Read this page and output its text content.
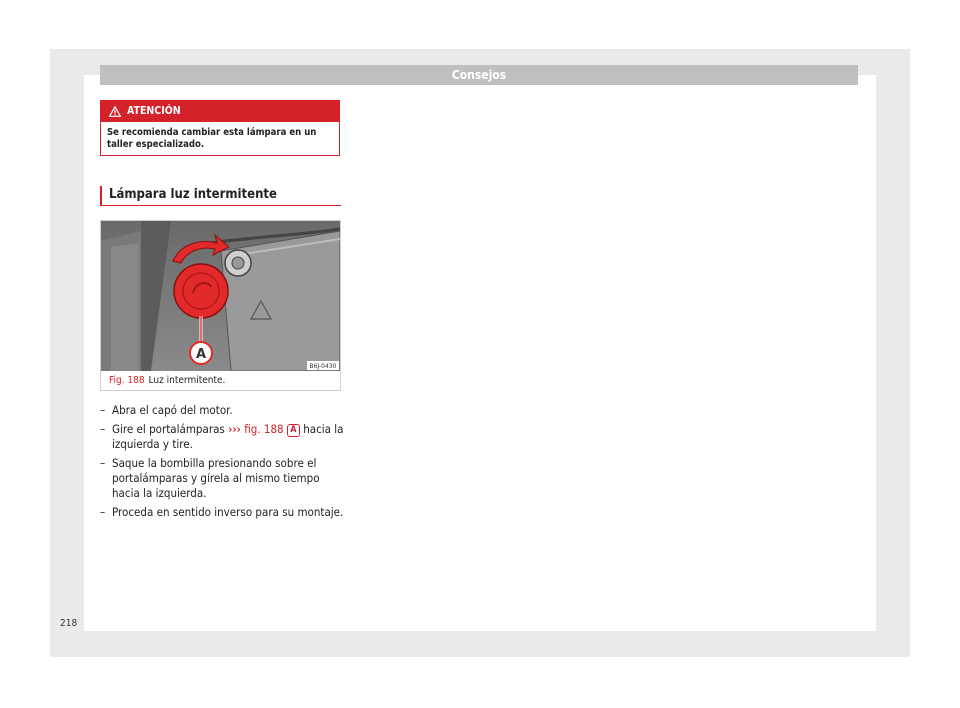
Consejos
ATENCIÓN
Se recomienda cambiar esta lámpara en un taller especializado.
Lámpara luz intermitente
A
B6J-0430
Fig. 188 Luz intermitente.
– Abra el capó del motor.
– Gire el portalámparas ››› fig. 188 A hacia la izquierda y tire.
– Saque la bombilla presionando sobre el portalámparas y gírela al mismo tiempo hacia la izquierda.
– Proceda en sentido inverso para su montaje.
218
